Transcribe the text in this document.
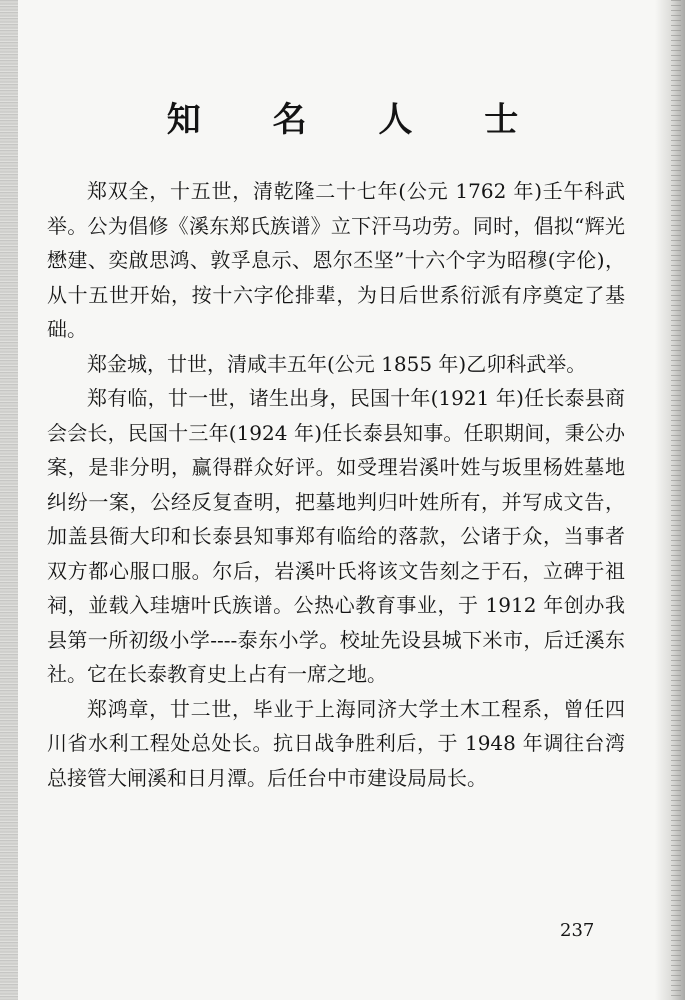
知 名 人 士

郑双全，十五世，清乾隆二十七年(公元 1762 年)壬午科武举。公为倡修《溪东郑氏族谱》立下汗马功劳。同时，倡拟“辉光懋建、奕啟思鸿、敦孚息示、恩尔丕坚”十六个字为昭穆(字伦)，从十五世开始，按十六字伦排辈，为日后世系衍派有序奠定了基础。

郑金城，廿世，清咸丰五年(公元 1855 年)乙卯科武举。

郑有临，廿一世，诸生出身，民国十年(1921 年)任长泰县商会会长，民国十三年(1924 年)任长泰县知事。任职期间，秉公办案，是非分明，赢得群众好评。如受理岩溪叶姓与坂里杨姓墓地纠纷一案，公经反复查明，把墓地判归叶姓所有，并写成文告，加盖县衙大印和长泰县知事郑有临给的落款，公诸于众，当事者双方都心服口服。尔后，岩溪叶氏将该文告刻之于石，立碑于祖祠，並载入珪塘叶氏族谱。公热心教育事业，于 1912 年创办我县第一所初级小学----泰东小学。校址先设县城下米市，后迁溪东社。它在长泰教育史上占有一席之地。

郑鸿章，廿二世，毕业于上海同济大学土木工程系，曾任四川省水利工程处总处长。抗日战争胜利后，于 1948 年调往台湾总接管大闸溪和日月潭。后任台中市建设局局长。

237
